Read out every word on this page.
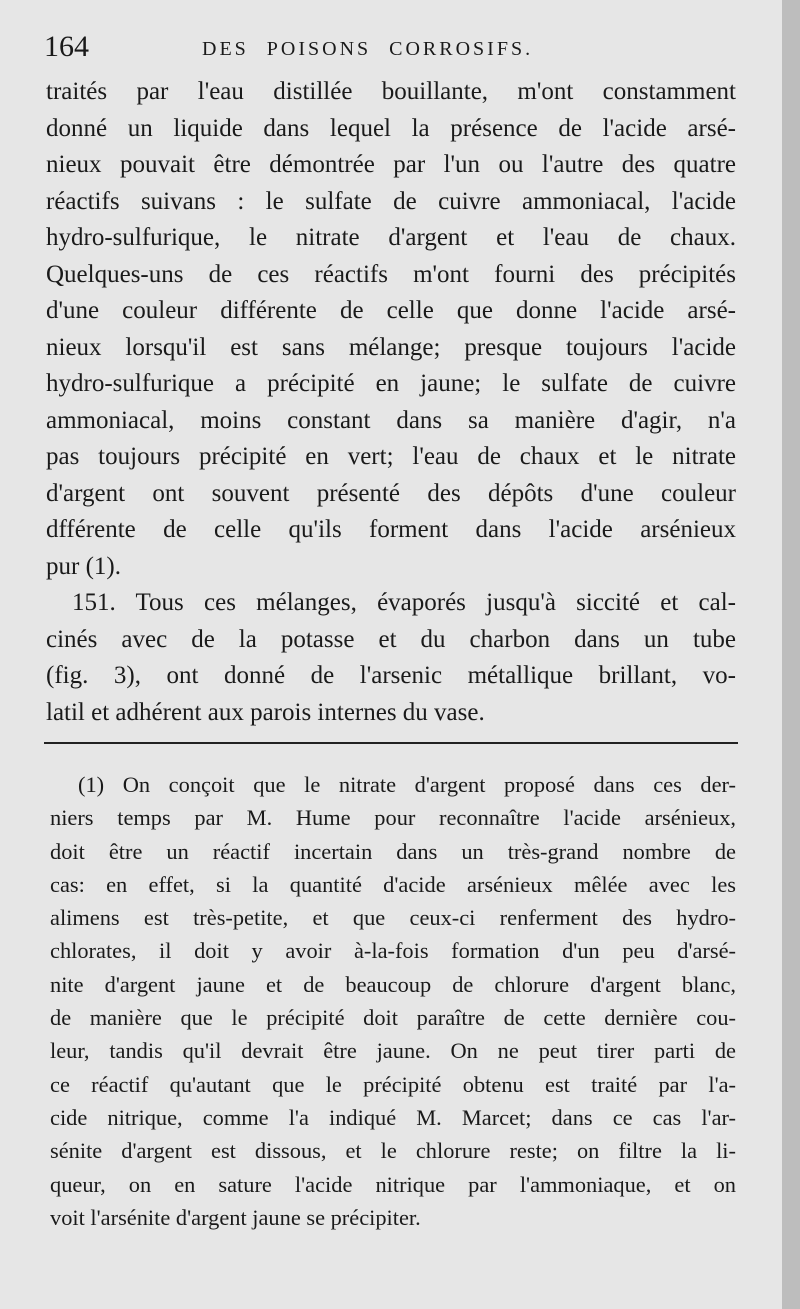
164	DES POISONS CORROSIFS.
traités par l'eau distillée bouillante, m'ont constamment
donné un liquide dans lequel la présence de l'acide arsé-
nieux pouvait être démontrée par l'un ou l'autre des quatre
réactifs suivans : le sulfate de cuivre ammoniacal, l'acide
hydro-sulfurique, le nitrate d'argent et l'eau de chaux.
Quelques-uns de ces réactifs m'ont fourni des précipités
d'une couleur différente de celle que donne l'acide arsé-
nieux lorsqu'il est sans mélange; presque toujours l'acide
hydro-sulfurique a précipité en jaune; le sulfate de cuivre
ammoniacal, moins constant dans sa manière d'agir, n'a
pas toujours précipité en vert; l'eau de chaux et le nitrate
d'argent ont souvent présenté des dépôts d'une couleur
dfférente de celle qu'ils forment dans l'acide arsénieux
pur (1).
151. Tous ces mélanges, évaporés jusqu'à siccité et cal-
cinés avec de la potasse et du charbon dans un tube
(fig. 3), ont donné de l'arsenic métallique brillant, vo-
latil et adhérent aux parois internes du vase.
(1) On conçoit que le nitrate d'argent proposé dans ces der-
niers temps par M. Hume pour reconnaître l'acide arsénieux,
doit être un réactif incertain dans un très-grand nombre de
cas: en effet, si la quantité d'acide arsénieux mêlée avec les
alimens est très-petite, et que ceux-ci renferment des hydro-
chlorates, il doit y avoir à-la-fois formation d'un peu d'arsé-
nite d'argent jaune et de beaucoup de chlorure d'argent blanc,
de manière que le précipité doit paraître de cette dernière cou-
leur, tandis qu'il devrait être jaune. On ne peut tirer parti de
ce réactif qu'autant que le précipité obtenu est traité par l'a-
cide nitrique, comme l'a indiqué M. Marcet; dans ce cas l'ar-
sénite d'argent est dissous, et le chlorure reste; on filtre la li-
queur, on en sature l'acide nitrique par l'ammoniaque, et on
voit l'arsénite d'argent jaune se précipiter.
